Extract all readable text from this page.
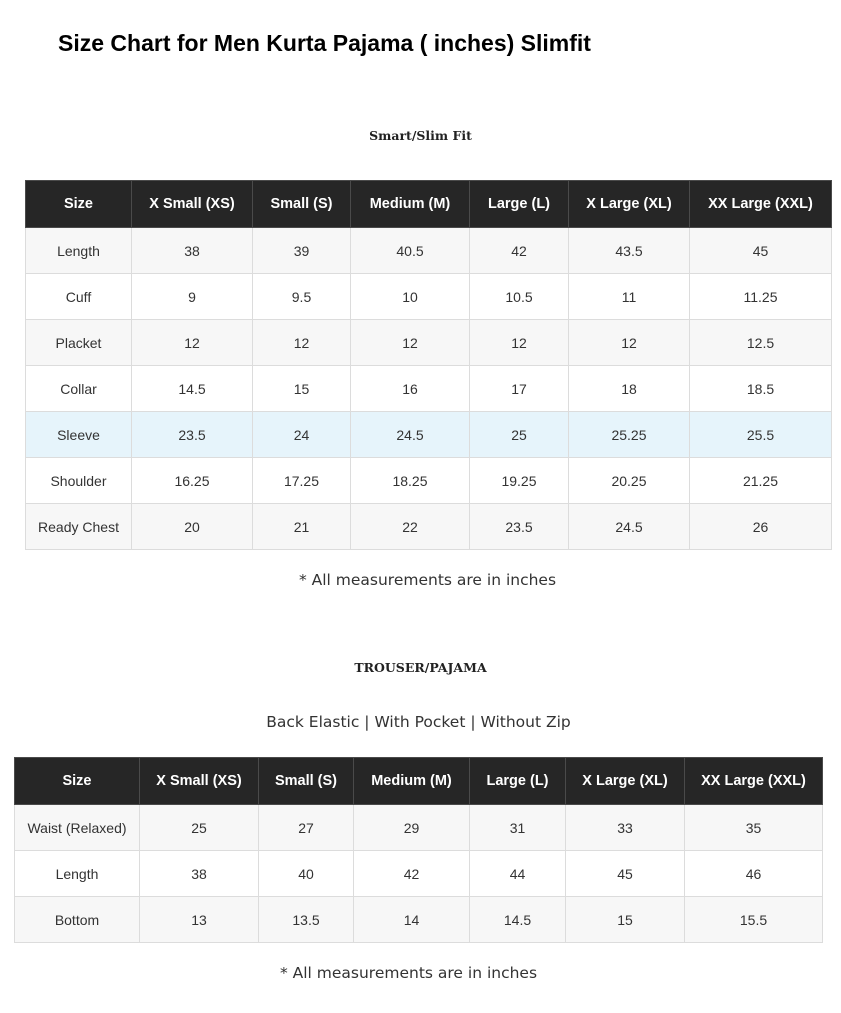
Size Chart for Men Kurta Pajama ( inches) Slimfit
Smart/Slim Fit
Size	X Small (XS)	Small (S)	Medium (M)	Large (L)	X Large (XL)	XX Large (XXL)
Length	38	39	40.5	42	43.5	45
Cuff	9	9.5	10	10.5	11	11.25
Placket	12	12	12	12	12	12.5
Collar	14.5	15	16	17	18	18.5
Sleeve	23.5	24	24.5	25	25.25	25.5
Shoulder	16.25	17.25	18.25	19.25	20.25	21.25
Ready Chest	20	21	22	23.5	24.5	26
* All measurements are in inches
TROUSER/PAJAMA
Back Elastic | With Pocket | Without Zip
Size	X Small (XS)	Small (S)	Medium (M)	Large (L)	X Large (XL)	XX Large (XXL)
Waist (Relaxed)	25	27	29	31	33	35
Length	38	40	42	44	45	46
Bottom	13	13.5	14	14.5	15	15.5
* All measurements are in inches
